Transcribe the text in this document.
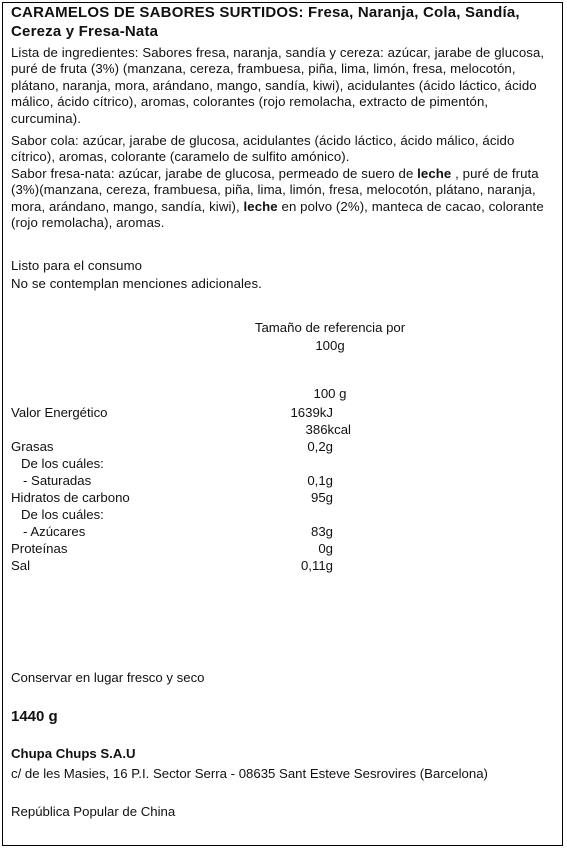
CARAMELOS DE SABORES SURTIDOS: Fresa, Naranja, Cola, Sandía, Cereza y Fresa-Nata
Lista de ingredientes: Sabores fresa, naranja, sandía y cereza: azúcar, jarabe de glucosa, puré de fruta (3%) (manzana, cereza, frambuesa, piña, lima, limón, fresa, melocotón, plátano, naranja, mora, arándano, mango, sandía, kiwi), acidulantes (ácido láctico, ácido málico, ácido cítrico), aromas, colorantes (rojo remolacha, extracto de pimentón, curcumina).
Sabor cola: azúcar, jarabe de glucosa, acidulantes (ácido láctico, ácido málico, ácido cítrico), aromas, colorante (caramelo de sulfito amónico).
Sabor fresa-nata: azúcar, jarabe de glucosa, permeado de suero de leche , puré de fruta (3%)(manzana, cereza, frambuesa, piña, lima, limón, fresa, melocotón, plátano, naranja, mora, arándano, mango, sandía, kiwi), leche en polvo (2%), manteca de cacao, colorante (rojo remolacha), aromas.
Listo para el consumo
No se contemplan menciones adicionales.
Tamaño de referencia por
100g
100 g
Valor Energético	1639kJ
386kcal
Grasas	0,2g
De los cuáles:
- Saturadas	0,1g
Hidratos de carbono	95g
De los cuáles:
- Azúcares	83g
Proteínas	0g
Sal	0,11g
Conservar en lugar fresco y seco
1440 g
Chupa Chups S.A.U
c/ de les Masies, 16 P.I. Sector Serra - 08635 Sant Esteve Sesrovires (Barcelona)
República Popular de China
